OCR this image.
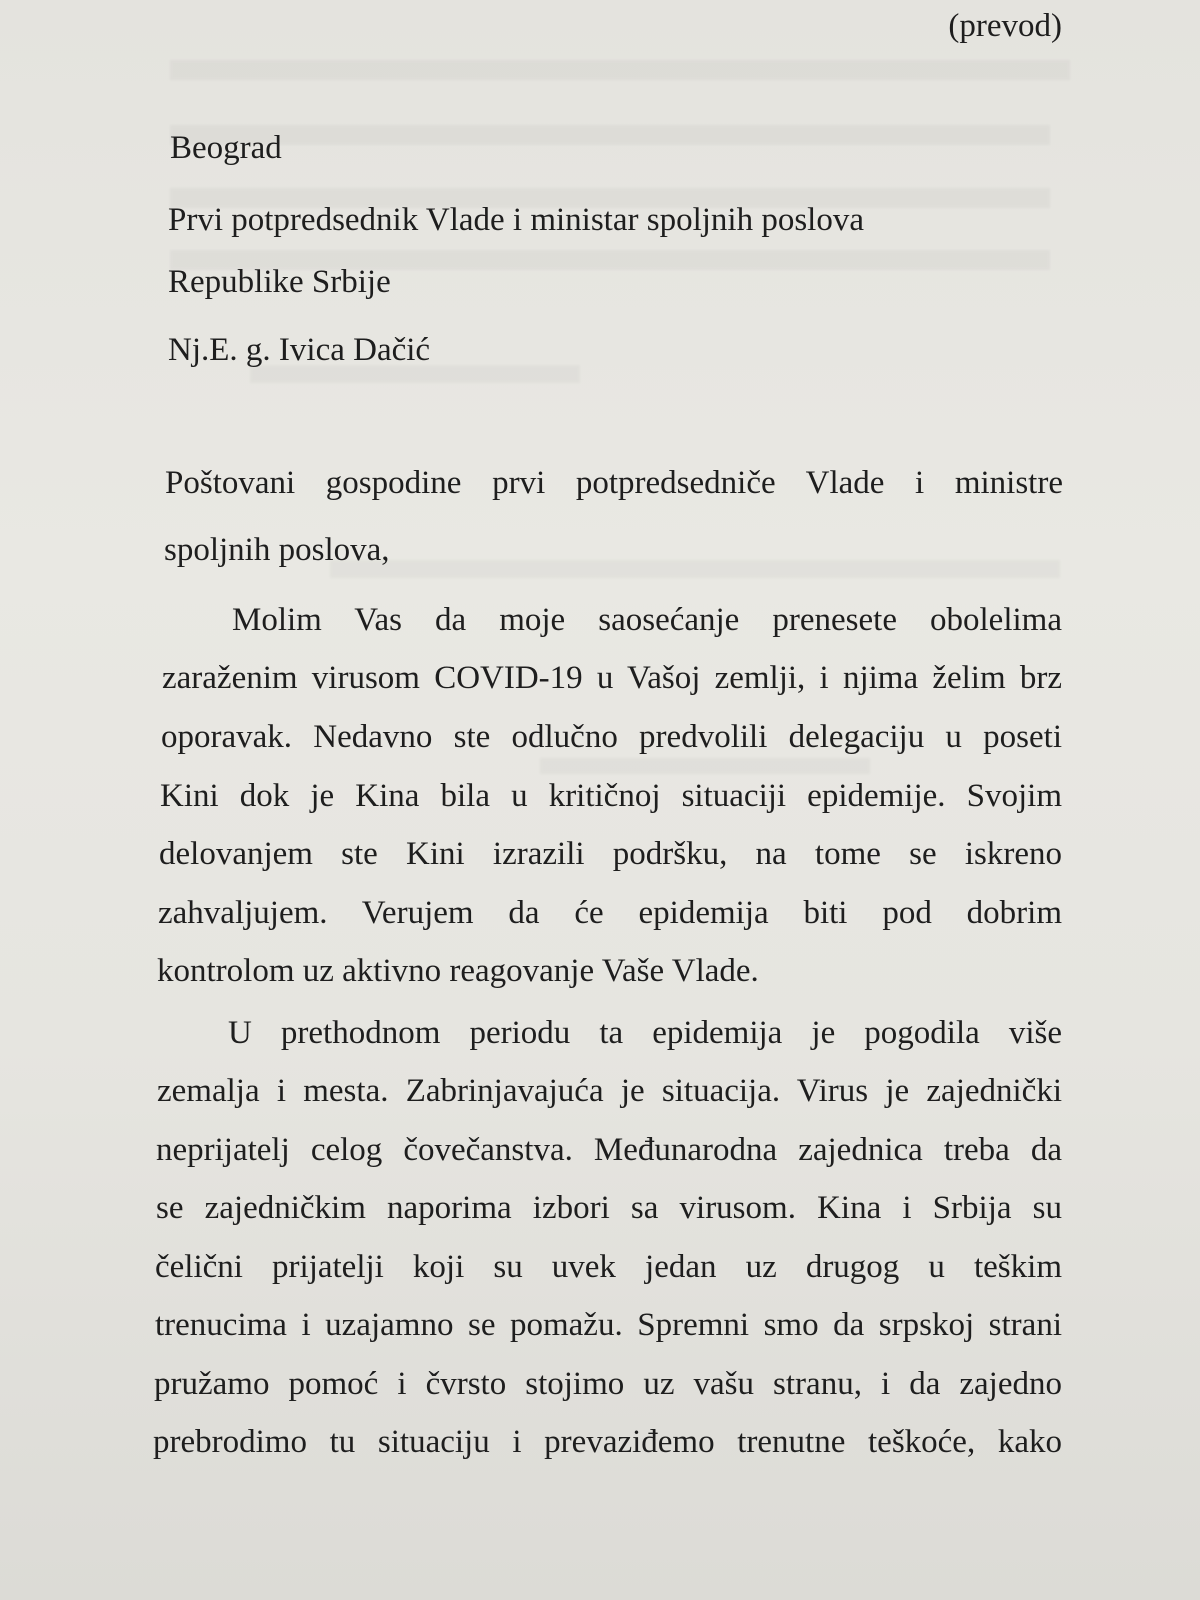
(prevod)
Beograd
Prvi potpredsednik Vlade i ministar spoljnih poslova
Republike Srbije
Nj.E. g. Ivica Dačić
Poštovani gospodine prvi potpredsedniče Vlade i ministre
spoljnih poslova,
Molim Vas da moje saosećanje prenesete obolelima
zaraženim virusom COVID-19 u Vašoj zemlji, i njima želim brz
oporavak. Nedavno ste odlučno predvolili delegaciju u poseti
Kini dok je Kina bila u kritičnoj situaciji epidemije. Svojim
delovanjem ste Kini izrazili podršku, na tome se iskreno
zahvaljujem. Verujem da će epidemija biti pod dobrim
kontrolom uz aktivno reagovanje Vaše Vlade.
U prethodnom periodu ta epidemija je pogodila više
zemalja i mesta. Zabrinjavajuća je situacija. Virus je zajednički
neprijatelj celog čovečanstva. Međunarodna zajednica treba da
se zajedničkim naporima izbori sa virusom. Kina i Srbija su
čelični prijatelji koji su uvek jedan uz drugog u teškim
trenucima i uzajamno se pomažu. Spremni smo da srpskoj strani
pružamo pomoć i čvrsto stojimo uz vašu stranu, i da zajedno
prebrodimo tu situaciju i prevaziđemo trenutne teškoće, kako
